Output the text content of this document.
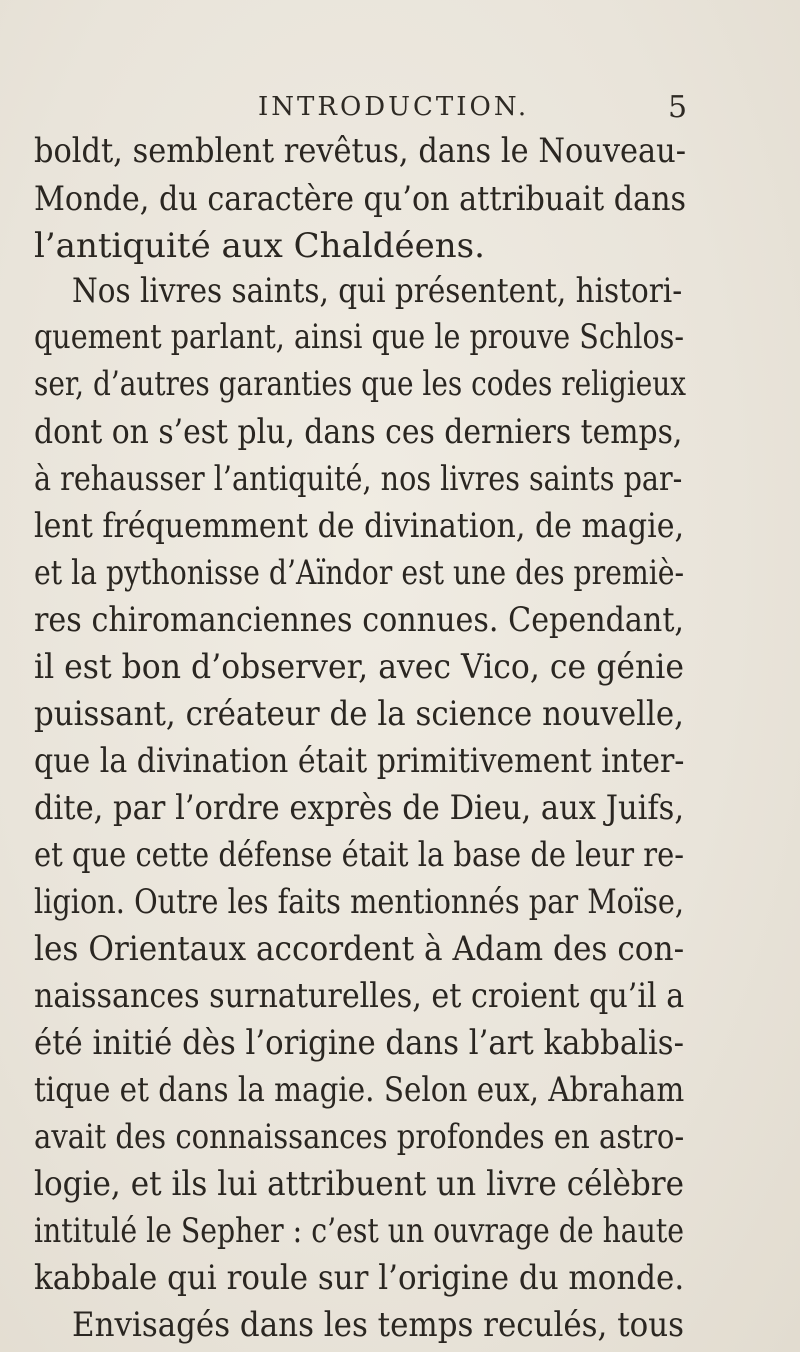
INTRODUCTION.	5
boldt, semblent revêtus, dans le Nouveau-
Monde, du caractère qu’on attribuait dans
l’antiquité aux Chaldéens.
Nos livres saints, qui présentent, histori-
quement parlant, ainsi que le prouve Schlos-
ser, d’autres garanties que les codes religieux
dont on s’est plu, dans ces derniers temps,
à rehausser l’antiquité, nos livres saints par-
lent fréquemment de divination, de magie,
et la pythonisse d’Aïndor est une des premiè-
res chiromanciennes connues. Cependant,
il est bon d’observer, avec Vico, ce génie
puissant, créateur de la science nouvelle,
que la divination était primitivement inter-
dite, par l’ordre exprès de Dieu, aux Juifs,
et que cette défense était la base de leur re-
ligion. Outre les faits mentionnés par Moïse,
les Orientaux accordent à Adam des con-
naissances surnaturelles, et croient qu’il a
été initié dès l’origine dans l’art kabbalis-
tique et dans la magie. Selon eux, Abraham
avait des connaissances profondes en astro-
logie, et ils lui attribuent un livre célèbre
intitulé le Sepher : c’est un ouvrage de haute
kabbale qui roule sur l’origine du monde.
Envisagés dans les temps reculés, tous
